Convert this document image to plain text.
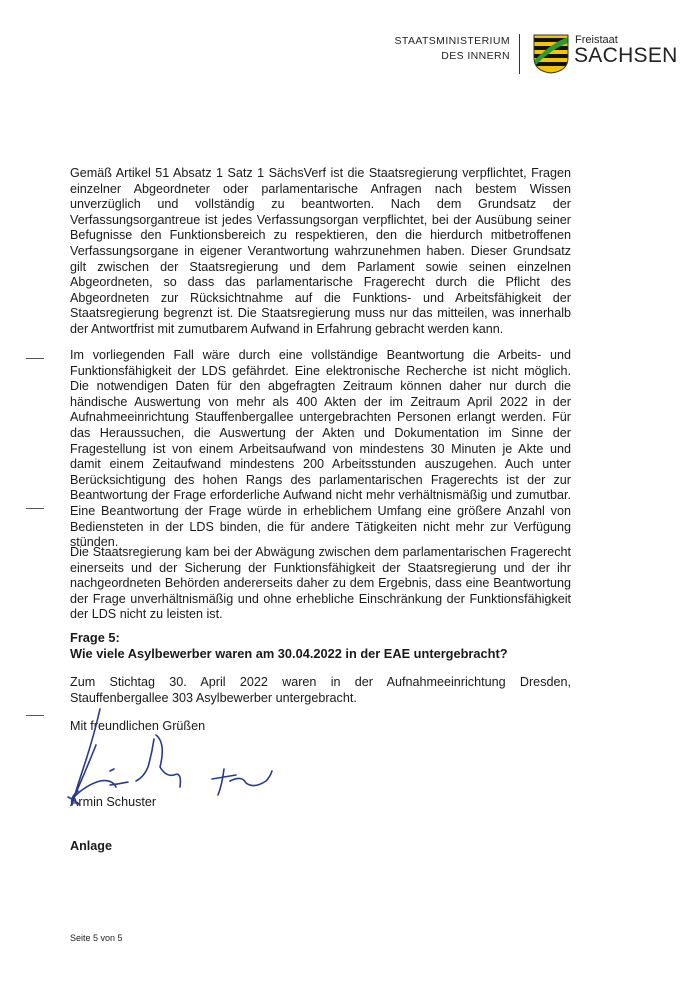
STAATSMINISTERIUM
DES INNERN
Freistaat
SACHSEN

Gemäß Artikel 51 Absatz 1 Satz 1 SächsVerf ist die Staatsregierung verpflichtet, Fragen einzelner Abgeordneter oder parlamentarische Anfragen nach bestem Wissen unverzüglich und vollständig zu beantworten. Nach dem Grundsatz der Verfassungsorgantreue ist jedes Verfassungsorgan verpflichtet, bei der Ausübung seiner Befugnisse den Funktionsbereich zu respektieren, den die hierdurch mitbetroffenen Verfassungsorgane in eigener Verantwortung wahrzunehmen haben. Dieser Grundsatz gilt zwischen der Staatsregierung und dem Parlament sowie seinen einzelnen Abgeordneten, so dass das parlamentarische Fragerecht durch die Pflicht des Abgeordneten zur Rücksichtnahme auf die Funktions- und Arbeitsfähigkeit der Staatsregierung begrenzt ist. Die Staatsregierung muss nur das mitteilen, was innerhalb der Antwortfrist mit zumutbarem Aufwand in Erfahrung gebracht werden kann.

Im vorliegenden Fall wäre durch eine vollständige Beantwortung die Arbeits- und Funktionsfähigkeit der LDS gefährdet. Eine elektronische Recherche ist nicht möglich. Die notwendigen Daten für den abgefragten Zeitraum können daher nur durch die händische Auswertung von mehr als 400 Akten der im Zeitraum April 2022 in der Aufnahmeeinrichtung Stauffenbergallee untergebrachten Personen erlangt werden. Für das Heraussuchen, die Auswertung der Akten und Dokumentation im Sinne der Fragestellung ist von einem Arbeitsaufwand von mindestens 30 Minuten je Akte und damit einem Zeitaufwand mindestens 200 Arbeitsstunden auszugehen. Auch unter Berücksichtigung des hohen Rangs des parlamentarischen Fragerechts ist der zur Beantwortung der Frage erforderliche Aufwand nicht mehr verhältnismäßig und zumutbar. Eine Beantwortung der Frage würde in erheblichem Umfang eine größere Anzahl von Bediensteten in der LDS binden, die für andere Tätigkeiten nicht mehr zur Verfügung stünden.

Die Staatsregierung kam bei der Abwägung zwischen dem parlamentarischen Fragerecht einerseits und der Sicherung der Funktionsfähigkeit der Staatsregierung und der ihr nachgeordneten Behörden andererseits daher zu dem Ergebnis, dass eine Beantwortung der Frage unverhältnismäßig und ohne erhebliche Einschränkung der Funktionsfähigkeit der LDS nicht zu leisten ist.

Frage 5:
Wie viele Asylbewerber waren am 30.04.2022 in der EAE untergebracht?

Zum Stichtag 30. April 2022 waren in der Aufnahmeeinrichtung Dresden, Stauffenbergallee 303 Asylbewerber untergebracht.

Mit freundlichen Grüßen
Armin Schuster
Anlage
Seite 5 von 5
